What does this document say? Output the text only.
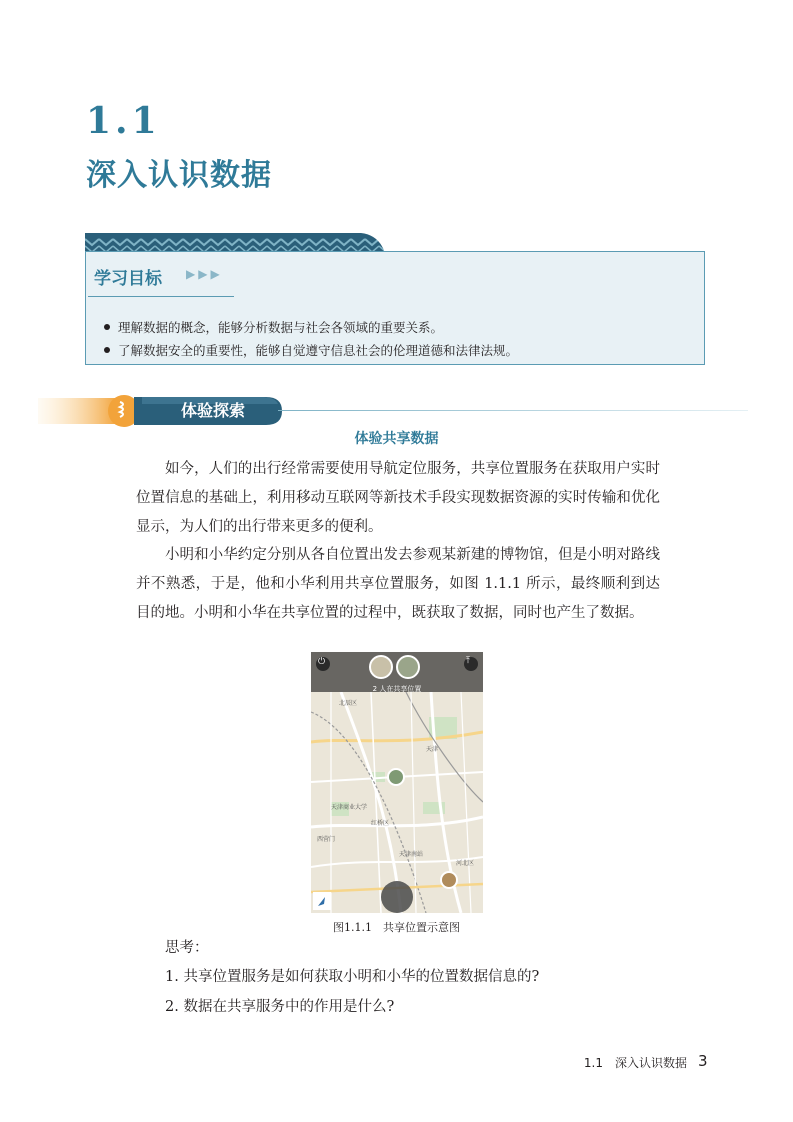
1.1
深入认识数据
学习目标 ▶▶▶
理解数据的概念，能够分析数据与社会各领域的重要关系。
了解数据安全的重要性，能够自觉遵守信息社会的伦理道德和法律法规。
体验探索
体验共享数据
如今，人们的出行经常需要使用导航定位服务，共享位置服务在获取用户实时位置信息的基础上，利用移动互联网等新技术手段实现数据资源的实时传输和优化显示，为人们的出行带来更多的便利。
小明和小华约定分别从各自位置出发去参观某新建的博物馆，但是小明对路线并不熟悉，于是，他和小华利用共享位置服务，如图 1.1.1 所示，最终顺利到达目的地。小明和小华在共享位置的过程中，既获取了数据，同时也产生了数据。
2 人在共享位置
北辰区
天津
红桥区
西营门
天津南站
河北区
天津商业大学
⏻	⤒
图1.1.1　共享位置示意图
思考：
1. 共享位置服务是如何获取小明和小华的位置数据信息的?
2. 数据在共享服务中的作用是什么?
1.1　深入认识数据 3
